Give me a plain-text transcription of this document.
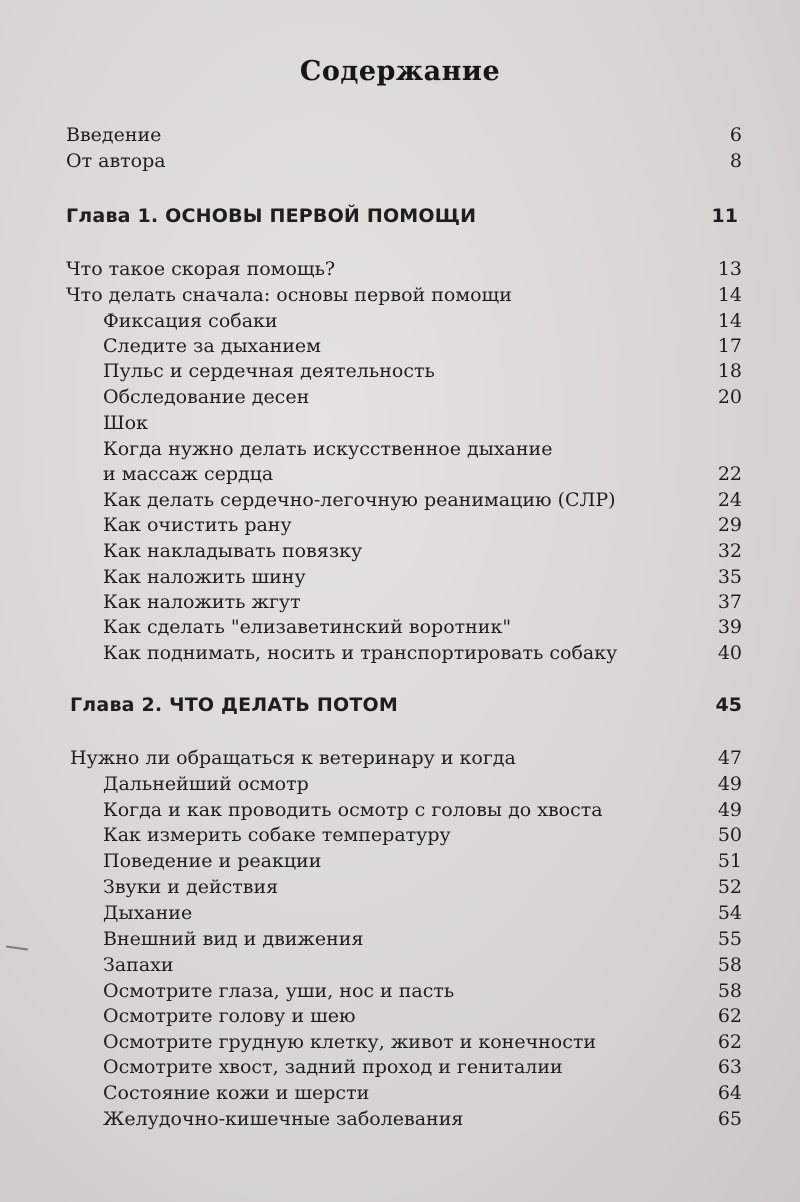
Содержание
Введение	6
От автора	8
Глава 1. ОСНОВЫ ПЕРВОЙ ПОМОЩИ	11
Что такое скорая помощь?	13
Что делать сначала: основы первой помощи	14
Фиксация собаки	14
Следите за дыханием	17
Пульс и сердечная деятельность	18
Обследование десен	20
Шок
Когда нужно делать искусственное дыхание
и массаж сердца	22
Как делать сердечно-легочную реанимацию (СЛР)	24
Как очистить рану	29
Как накладывать повязку	32
Как наложить шину	35
Как наложить жгут	37
Как сделать "елизаветинский воротник"	39
Как поднимать, носить и транспортировать собаку	40
Глава 2. ЧТО ДЕЛАТЬ ПОТОМ	45
Нужно ли обращаться к ветеринару и когда	47
Дальнейший осмотр	49
Когда и как проводить осмотр с головы до хвоста	49
Как измерить собаке температуру	50
Поведение и реакции	51
Звуки и действия	52
Дыхание	54
Внешний вид и движения	55
Запахи	58
Осмотрите глаза, уши, нос и пасть	58
Осмотрите голову и шею	62
Осмотрите грудную клетку, живот и конечности	62
Осмотрите хвост, задний проход и гениталии	63
Состояние кожи и шерсти	64
Желудочно-кишечные заболевания	65
